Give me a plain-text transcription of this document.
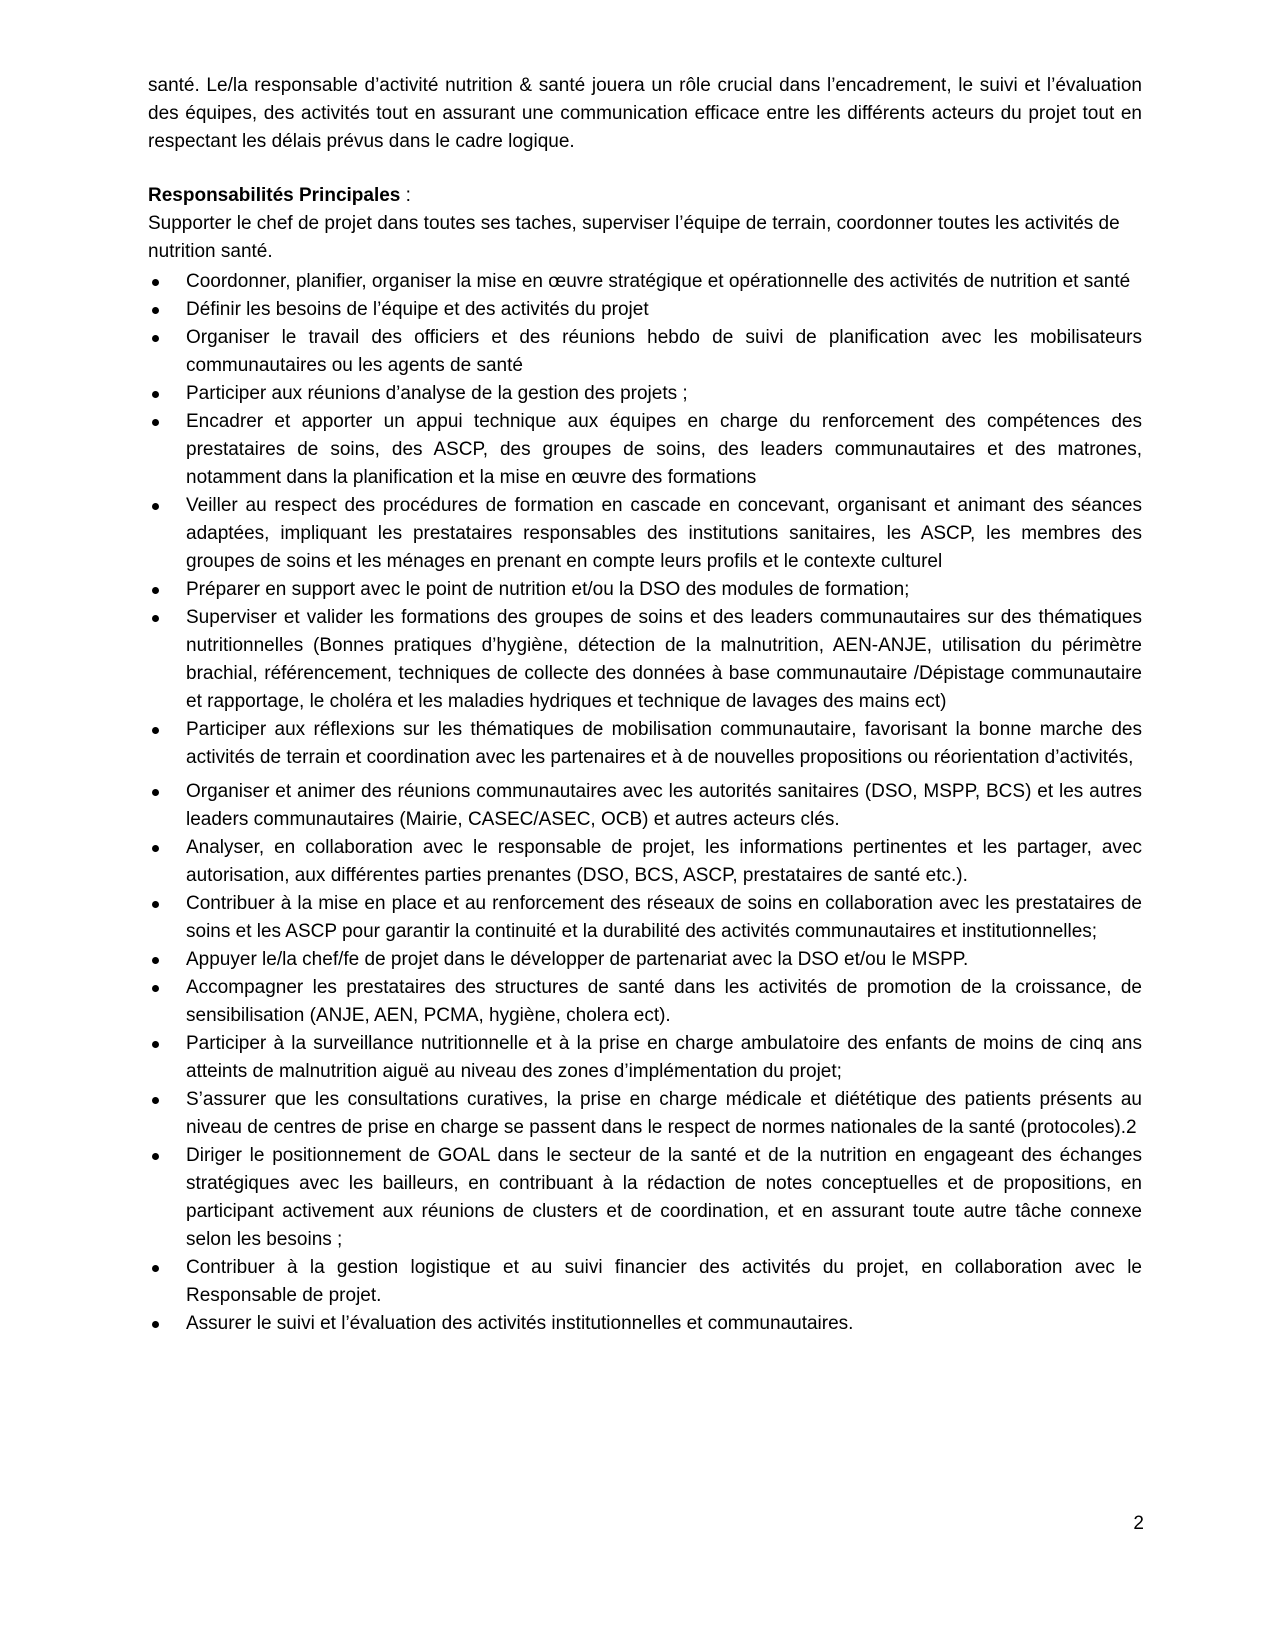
santé. Le/la responsable d’activité nutrition & santé jouera un rôle crucial dans l’encadrement, le suivi et l’évaluation des équipes, des activités tout en assurant une communication efficace entre les différents acteurs du projet tout en respectant les délais prévus dans le cadre logique.

Responsabilités Principales :

Supporter le chef de projet dans toutes ses taches, superviser l’équipe de terrain, coordonner toutes les activités de nutrition santé.

Coordonner, planifier, organiser la mise en œuvre stratégique et opérationnelle des activités de nutrition et santé
Définir les besoins de l’équipe et des activités du projet
Organiser le travail des officiers et des réunions hebdo de suivi de planification avec les mobilisateurs communautaires ou les agents de santé
Participer aux réunions d’analyse de la gestion des projets ;
Encadrer et apporter un appui technique aux équipes en charge du renforcement des compétences des prestataires de soins, des ASCP, des groupes de soins, des leaders communautaires et des matrones, notamment dans la planification et la mise en œuvre des formations
Veiller au respect des procédures de formation en cascade en concevant, organisant et animant des séances adaptées, impliquant les prestataires responsables des institutions sanitaires, les ASCP, les membres des groupes de soins et les ménages en prenant en compte leurs profils et le contexte culturel
Préparer en support avec le point de nutrition et/ou la DSO des modules de formation;
Superviser et valider les formations des groupes de soins et des leaders communautaires sur des thématiques nutritionnelles (Bonnes pratiques d’hygiène, détection de la malnutrition, AEN-ANJE, utilisation du périmètre brachial, référencement, techniques de collecte des données à base communautaire /Dépistage communautaire et rapportage, le choléra et les maladies hydriques et technique de lavages des mains ect)
Participer aux réflexions sur les thématiques de mobilisation communautaire, favorisant la bonne marche des activités de terrain et coordination avec les partenaires et à de nouvelles propositions ou réorientation d’activités,
Organiser et animer des réunions communautaires avec les autorités sanitaires (DSO, MSPP, BCS) et les autres leaders communautaires (Mairie, CASEC/ASEC, OCB) et autres acteurs clés.
Analyser, en collaboration avec le responsable de projet, les informations pertinentes et les partager, avec autorisation, aux différentes parties prenantes (DSO, BCS, ASCP, prestataires de santé etc.).
Contribuer à la mise en place et au renforcement des réseaux de soins en collaboration avec les prestataires de soins et les ASCP pour garantir la continuité et la durabilité des activités communautaires et institutionnelles;
Appuyer le/la chef/fe de projet dans le développer de partenariat avec la DSO et/ou le MSPP.
Accompagner les prestataires des structures de santé dans les activités de promotion de la croissance, de sensibilisation (ANJE, AEN, PCMA, hygiène, cholera ect).
Participer à la surveillance nutritionnelle et à la prise en charge ambulatoire des enfants de moins de cinq ans atteints de malnutrition aiguë au niveau des zones d’implémentation du projet;
S’assurer que les consultations curatives, la prise en charge médicale et diététique des patients présents au niveau de centres de prise en charge se passent dans le respect de normes nationales de la santé (protocoles).2
Diriger le positionnement de GOAL dans le secteur de la santé et de la nutrition en engageant des échanges stratégiques avec les bailleurs, en contribuant à la rédaction de notes conceptuelles et de propositions, en participant activement aux réunions de clusters et de coordination, et en assurant toute autre tâche connexe selon les besoins ;
Contribuer à la gestion logistique et au suivi financier des activités du projet, en collaboration avec le Responsable de projet.
Assurer le suivi et l’évaluation des activités institutionnelles et communautaires.
2
